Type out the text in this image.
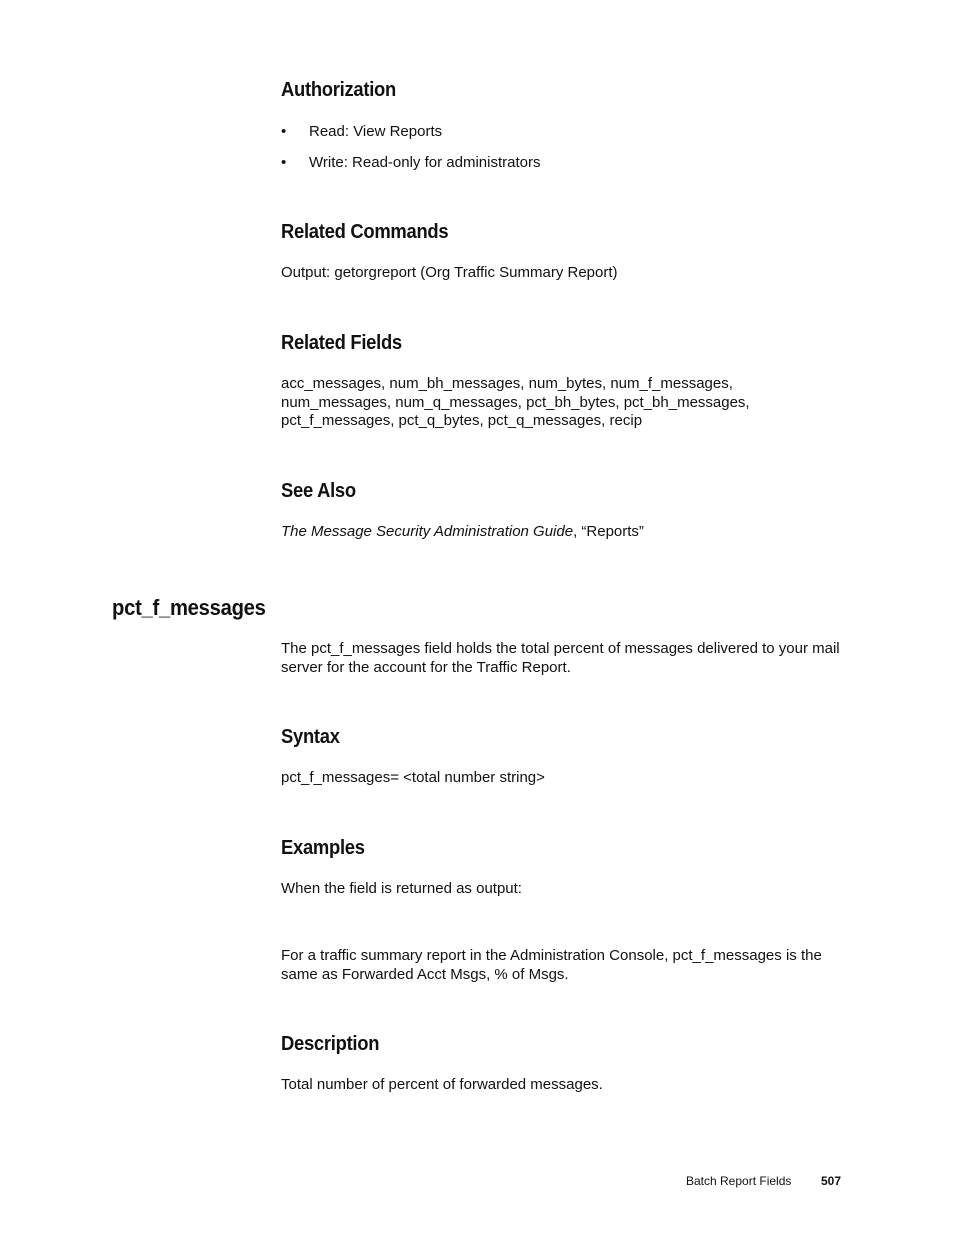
Authorization
• Read: View Reports
• Write: Read-only for administrators
Related Commands

Output: getorgreport (Org Traffic Summary Report)

Related Fields

acc_messages, num_bh_messages, num_bytes, num_f_messages, num_messages, num_q_messages, pct_bh_bytes, pct_bh_messages, pct_f_messages, pct_q_bytes, pct_q_messages, recip

See Also

The Message Security Administration Guide, “Reports”

pct_f_messages

The pct_f_messages field holds the total percent of messages delivered to your mail server for the account for the Traffic Report.

Syntax

pct_f_messages= <total number string>

Examples

When the field is returned as output:

For a traffic summary report in the Administration Console, pct_f_messages is the same as Forwarded Acct Msgs, % of Msgs.

Description

Total number of percent of forwarded messages.

Batch Report Fields 507
